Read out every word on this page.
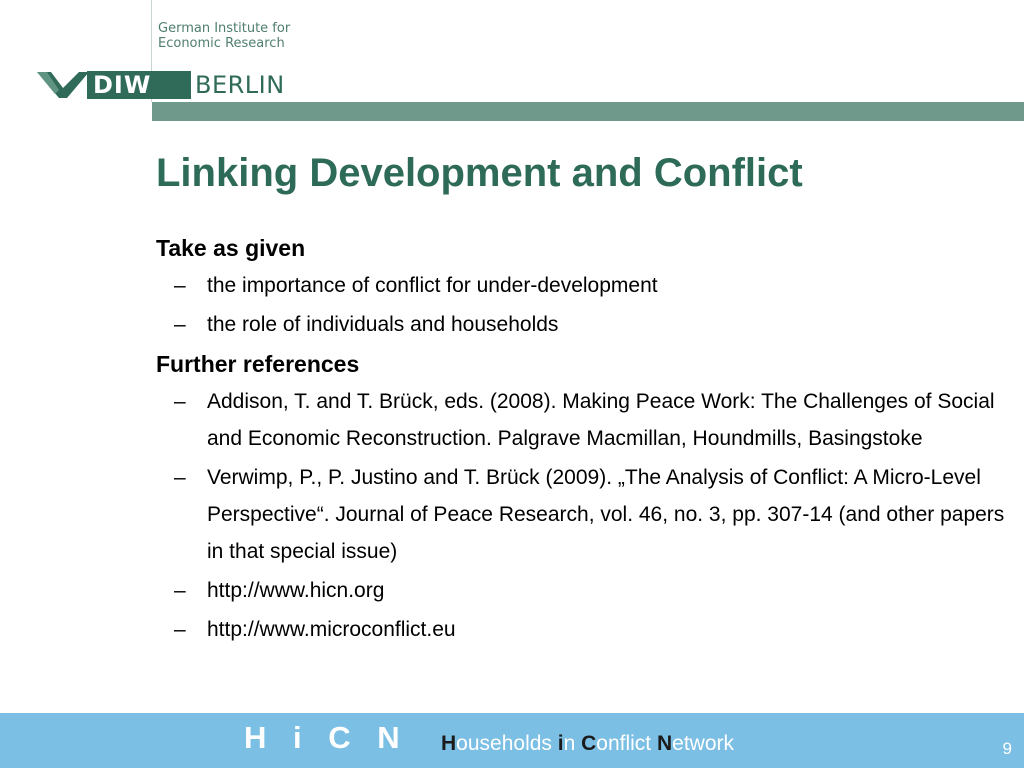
German Institute for
Economic Research
DIW	BERLIN
Linking Development and Conflict

Take as given

– the importance of conflict for under-development
– the role of individuals and households

Further references

– Addison, T. and T. Brück, eds. (2008). Making Peace Work: The Challenges of Social and Economic Reconstruction. Palgrave Macmillan, Houndmills, Basingstoke
– Verwimp, P., P. Justino and T. Brück (2009). „The Analysis of Conflict: A Micro-Level Perspective“. Journal of Peace Research, vol. 46, no. 3, pp. 307-14 (and other papers in that special issue)
– http://www.hicn.org
– http://www.microconflict.eu
H i C N Households in Conflict Network	9
